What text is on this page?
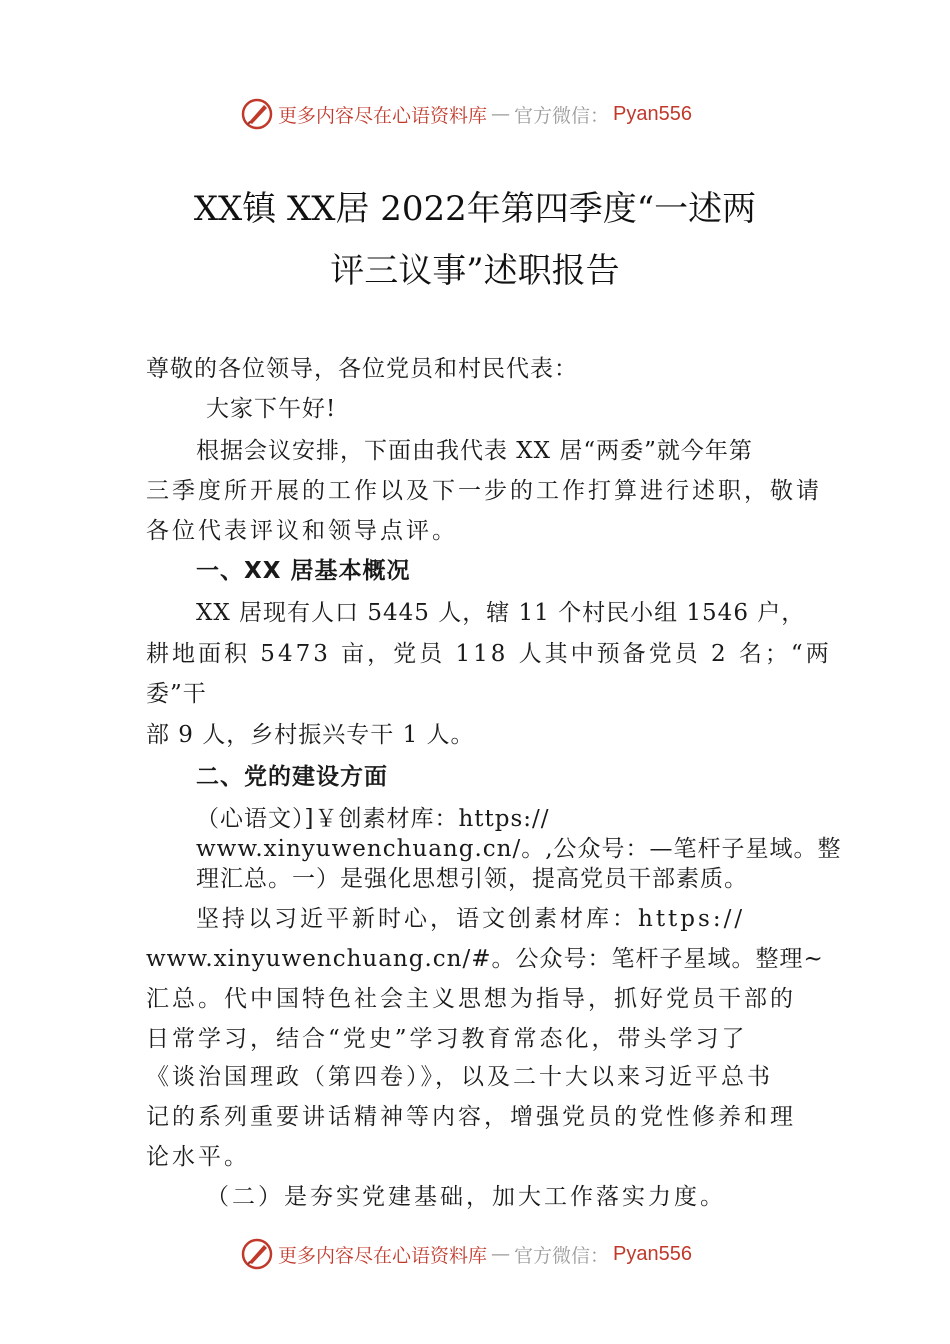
更多内容尽在心语资料库 — 官方微信： Pyan556
XX镇 XX居 2022年第四季度“一述两
评三议事”述职报告
尊敬的各位领导，各位党员和村民代表：
大家下午好!
根据会议安排，下面由我代表 XX 居“两委”就今年第
三季度所开展的工作以及下一步的工作打算进行述职，敬请
各位代表评议和领导点评。
一、XX 居基本概况
XX 居现有人口 5445 人，辖 11 个村民小组 1546 户，
耕地面积 5473 亩，党员 118 人其中预备党员 2 名；“两
委”干
部 9 人，乡村振兴专干 1 人。
二、党的建设方面
（心语文）]￥创素材库：https://
www.xinyuwenchuang.cn/。,公众号：—笔杆子星域。整
理汇总。一）是强化思想引领，提高党员干部素质。
坚持以习近平新时心，语文创素材库：https://
www.xinyuwenchuang.cn/#。公众号：笔杆子星域。整理~
汇总。代中国特色社会主义思想为指导，抓好党员干部的
日常学习，结合“党史”学习教育常态化，带头学习了
《谈治国理政（第四卷）》，以及二十大以来习近平总书
记的系列重要讲话精神等内容，增强党员的党性修养和理
论水平。
（二）是夯实党建基础，加大工作落实力度。
更多内容尽在心语资料库 — 官方微信： Pyan556
